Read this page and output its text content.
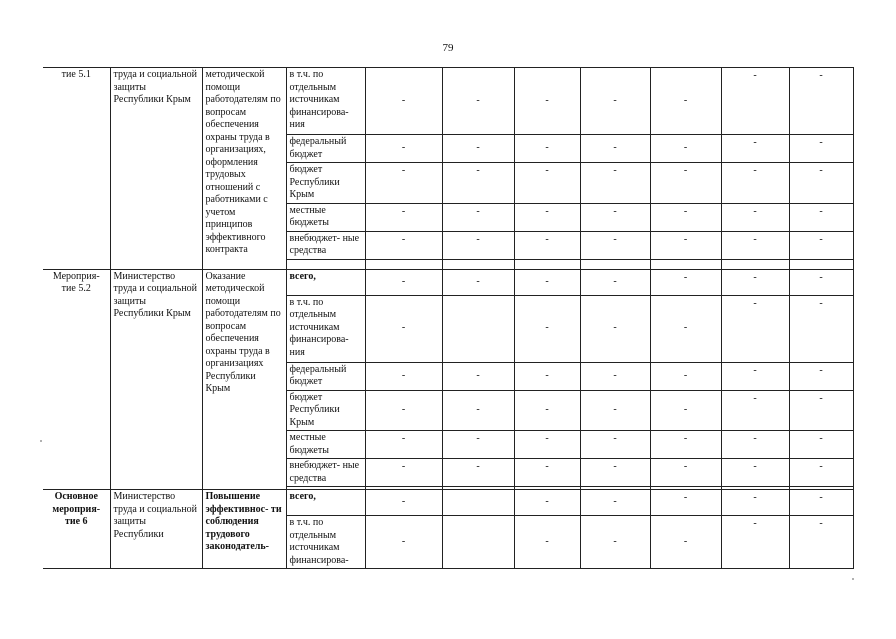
79
тие 5.1	труда и социальной защиты Республики Крым	методической помощи работодателям по вопросам обеспечения охраны труда в организациях, оформления трудовых отношений с работниками с учетом принципов эффективного контракта	в т.ч. по отдельным источникам финансирова- ния	-	-	-	-	-	-	-
			федеральный бюджет	-	-	-	-	-	-	-
			бюджет Республики Крым	-	-	-	-	-	-	-
			местные бюджеты	-	-	-	-	-	-	-
			внебюджет- ные средства	-	-	-	-	-	-	-

Мероприя- тие 5.2	Министерство труда и социальной защиты Республики Крым	Оказание методической помощи работодателям по вопросам обеспечения охраны труда в организациях Республики Крым	всего,	-	-	-	-	-	-	-
			в т.ч. по отдельным источникам финансирова- ния	-		-	-	-	-	-
			федеральный бюджет	-	-	-	-	-	-	-
			бюджет Республики Крым	-	-	-	-	-	-	-
			местные бюджеты	-	-	-	-	-	-	-
			внебюджет- ные средства	-	-	-	-	-	-	-

Основное мероприя- тие 6	Министерство труда и социальной защиты Республики	Повышение эффективнос- ти соблюдения трудового законодатель-	всего,	-		-	-	-	-	-
			в т.ч. по отдельным источникам финансирова-	-		-	-	-	-	-
